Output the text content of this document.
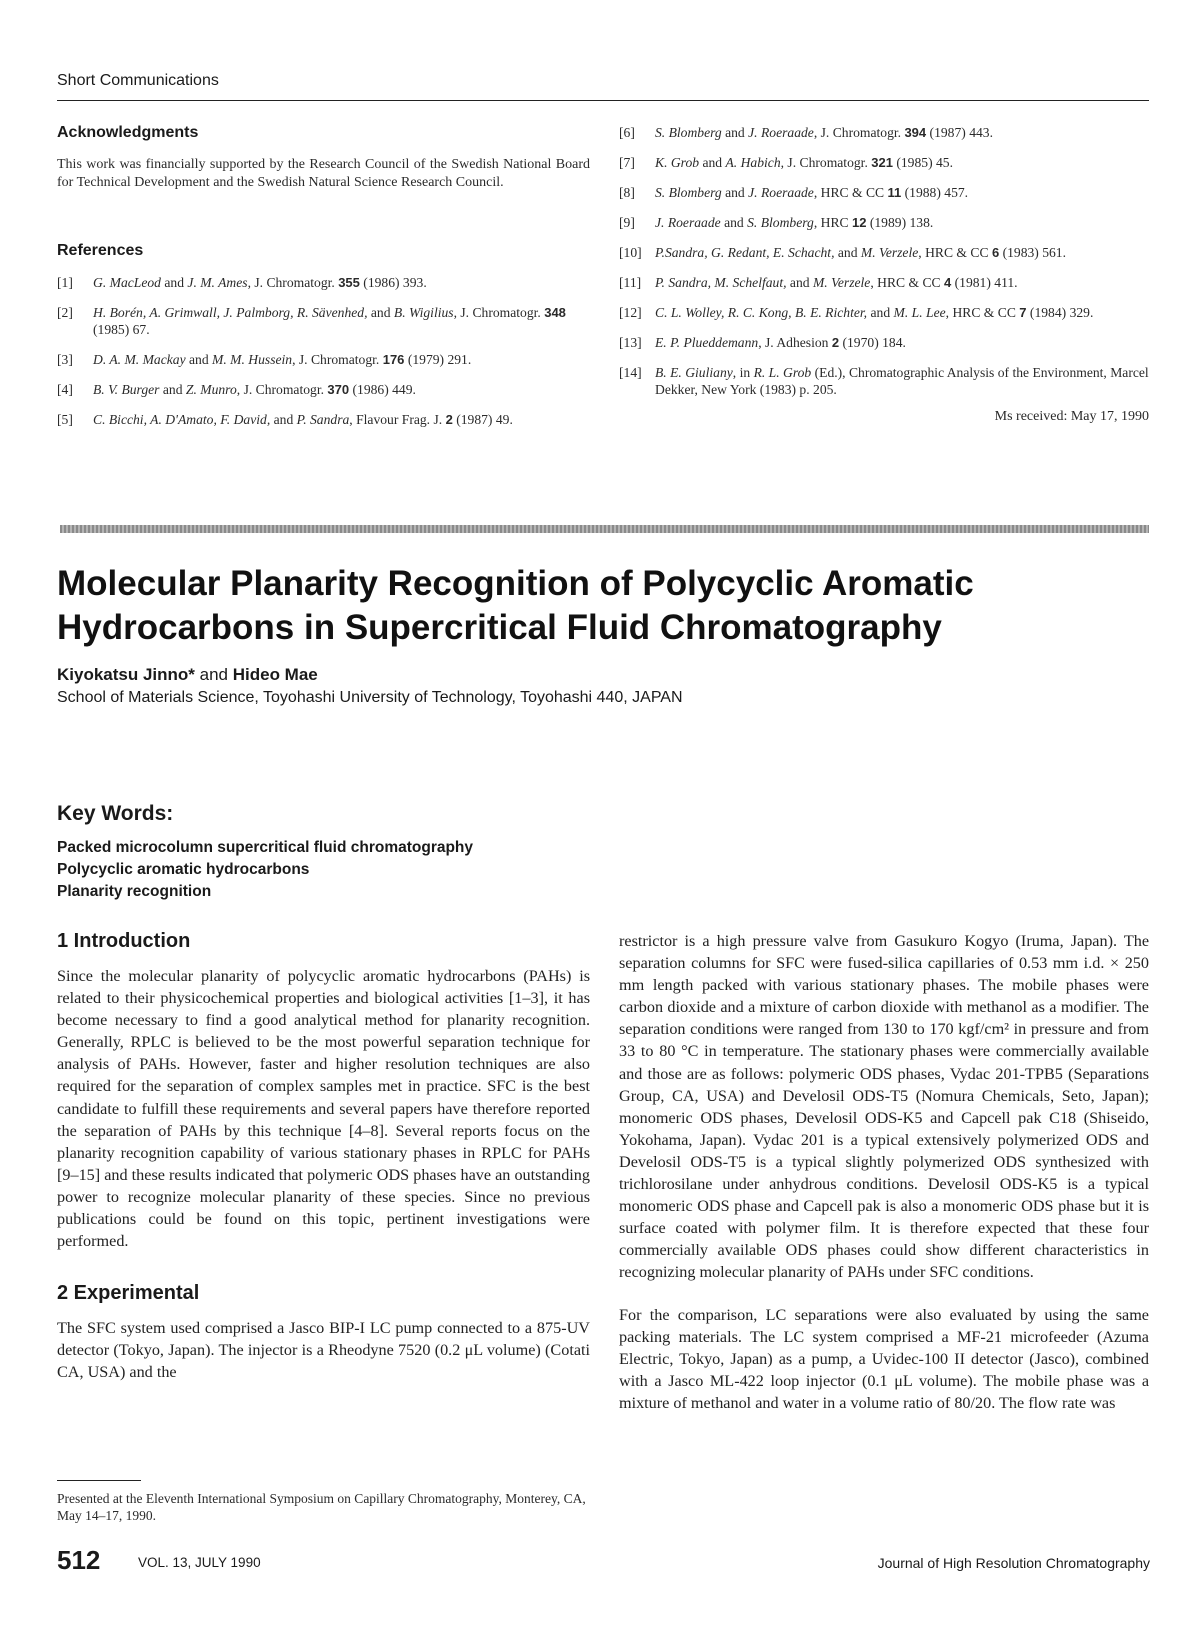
Short Communications
Acknowledgments
This work was financially supported by the Research Council of the Swedish National Board for Technical Development and the Swedish Natural Science Research Council.
References
[1]	G. MacLeod and J. M. Ames, J. Chromatogr. 355 (1986) 393.
[2]	H. Borén, A. Grimwall, J. Palmborg, R. Sävenhed, and B. Wigilius, J. Chromatogr. 348 (1985) 67.
[3]	D. A. M. Mackay and M. M. Hussein, J. Chromatogr. 176 (1979) 291.
[4]	B. V. Burger and Z. Munro, J. Chromatogr. 370 (1986) 449.
[5]	C. Bicchi, A. D'Amato, F. David, and P. Sandra, Flavour Frag. J. 2 (1987) 49.
[6]	S. Blomberg and J. Roeraade, J. Chromatogr. 394 (1987) 443.
[7]	K. Grob and A. Habich, J. Chromatogr. 321 (1985) 45.
[8]	S. Blomberg and J. Roeraade, HRC & CC 11 (1988) 457.
[9]	J. Roeraade and S. Blomberg, HRC 12 (1989) 138.
[10] P.Sandra, G. Redant, E. Schacht, and M. Verzele, HRC & CC 6 (1983) 561.
[11]	P. Sandra, M. Schelfaut, and M. Verzele, HRC & CC 4 (1981) 411.
[12] C. L. Wolley, R. C. Kong, B. E. Richter, and M. L. Lee, HRC & CC 7 (1984) 329.
[13] E. P. Plueddemann, J. Adhesion 2 (1970) 184.
[14] B. E. Giuliany, in R. L. Grob (Ed.), Chromatographic Analysis of the Environment, Marcel Dekker, New York (1983) p. 205.
Ms received: May 17, 1990
Molecular Planarity Recognition of Polycyclic Aromatic Hydrocarbons in Supercritical Fluid Chromatography
Kiyokatsu Jinno* and Hideo Mae
School of Materials Science, Toyohashi University of Technology, Toyohashi 440, JAPAN
Key Words:
Packed microcolumn supercritical fluid chromatography
Polycyclic aromatic hydrocarbons
Planarity recognition
1 Introduction
Since the molecular planarity of polycyclic aromatic hydrocarbons (PAHs) is related to their physicochemical properties and biological activities [1–3], it has become necessary to find a good analytical method for planarity recognition. Generally, RPLC is believed to be the most powerful separation technique for analysis of PAHs. However, faster and higher resolution techniques are also required for the separation of complex samples met in practice. SFC is the best candidate to fulfill these requirements and several papers have therefore reported the separation of PAHs by this technique [4–8]. Several reports focus on the planarity recognition capability of various stationary phases in RPLC for PAHs [9–15] and these results indicated that polymeric ODS phases have an outstanding power to recognize molecular planarity of these species. Since no previous publications could be found on this topic, pertinent investigations were performed.
2 Experimental
The SFC system used comprised a Jasco BIP-I LC pump connected to a 875-UV detector (Tokyo, Japan). The injector is a Rheodyne 7520 (0.2 μL volume) (Cotati CA, USA) and the
restrictor is a high pressure valve from Gasukuro Kogyo (Iruma, Japan). The separation columns for SFC were fused-silica capillaries of 0.53 mm i.d. × 250 mm length packed with various stationary phases. The mobile phases were carbon dioxide and a mixture of carbon dioxide with methanol as a modifier. The separation conditions were ranged from 130 to 170 kgf/cm² in pressure and from 33 to 80 °C in temperature. The stationary phases were commercially available and those are as follows: polymeric ODS phases, Vydac 201-TPB5 (Separations Group, CA, USA) and Develosil ODS-T5 (Nomura Chemicals, Seto, Japan); monomeric ODS phases, Develosil ODS-K5 and Capcell pak C18 (Shiseido, Yokohama, Japan). Vydac 201 is a typical extensively polymerized ODS and Develosil ODS-T5 is a typical slightly polymerized ODS synthesized with trichlorosilane under anhydrous conditions. Develosil ODS-K5 is a typical monomeric ODS phase and Capcell pak is also a monomeric ODS phase but it is surface coated with polymer film. It is therefore expected that these four commercially available ODS phases could show different characteristics in recognizing molecular planarity of PAHs under SFC conditions.
For the comparison, LC separations were also evaluated by using the same packing materials. The LC system comprised a MF-21 microfeeder (Azuma Electric, Tokyo, Japan) as a pump, a Uvidec-100 II detector (Jasco), combined with a Jasco ML-422 loop injector (0.1 μL volume). The mobile phase was a mixture of methanol and water in a volume ratio of 80/20. The flow rate was
Presented at the Eleventh International Symposium on Capillary Chromatography, Monterey, CA, May 14–17, 1990.
512	VOL. 13, JULY 1990	Journal of High Resolution Chromatography
